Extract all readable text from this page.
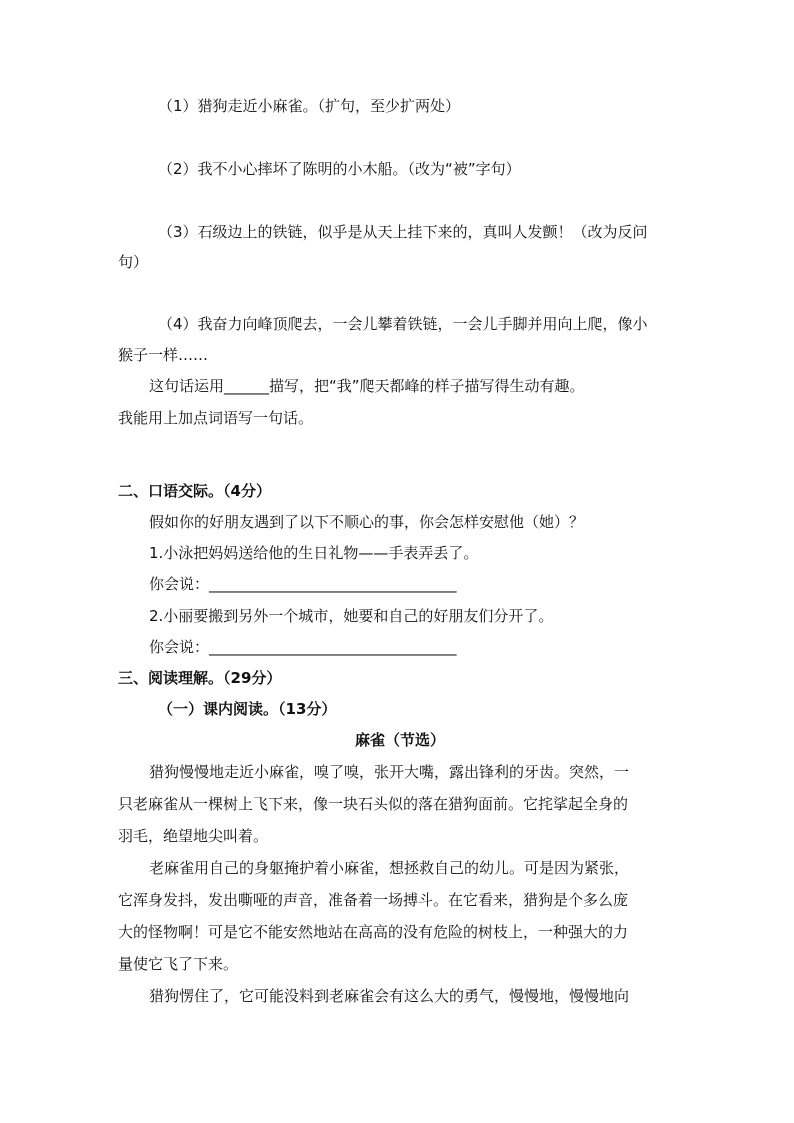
（1）猎狗走近小麻雀。（扩句，至少扩两处）
（2）我不小心摔坏了陈明的小木船。（改为“被”字句）
（3）石级边上的铁链，似乎是从天上挂下来的，真叫人发颤！（改为反问
句）
（4）我奋力向峰顶爬去，一会儿攀着铁链，一会儿手脚并用向上爬，像小
猴子一样……
这句话运用______描写，把“我”爬天都峰的样子描写得生动有趣。
我能用上加点词语写一句话。
二、口语交际。（4分）
假如你的好朋友遇到了以下不顺心的事，你会怎样安慰他（她）？
1.小泳把妈妈送给他的生日礼物——手表弄丢了。
你会说：_________________________________
2.小丽要搬到另外一个城市，她要和自己的好朋友们分开了。
你会说：_________________________________
三、阅读理解。（29分）
（一）课内阅读。（13分）
麻雀（节选）
猎狗慢慢地走近小麻雀，嗅了嗅，张开大嘴，露出锋利的牙齿。突然，一
只老麻雀从一棵树上飞下来，像一块石头似的落在猎狗面前。它挓挲起全身的
羽毛，绝望地尖叫着。
老麻雀用自己的身躯掩护着小麻雀，想拯救自己的幼儿。可是因为紧张，
它浑身发抖，发出嘶哑的声音，准备着一场搏斗。在它看来，猎狗是个多么庞
大的怪物啊！可是它不能安然地站在高高的没有危险的树枝上，一种强大的力
量使它飞了下来。
猎狗愣住了，它可能没料到老麻雀会有这么大的勇气，慢慢地，慢慢地向
